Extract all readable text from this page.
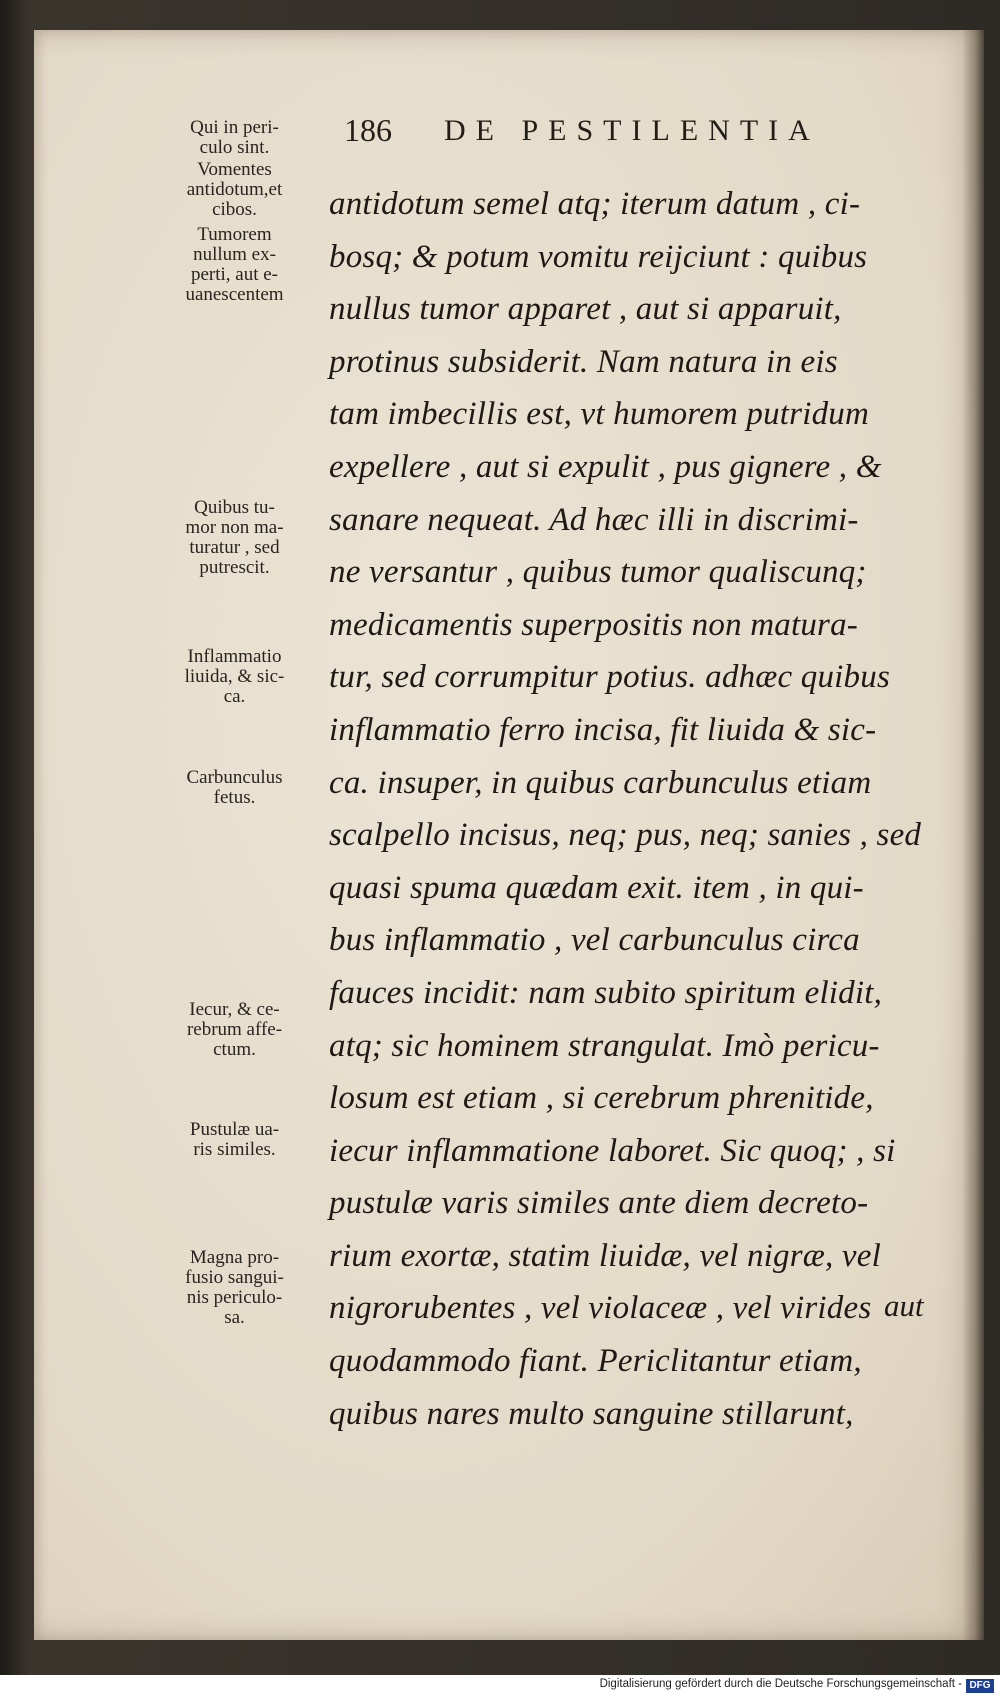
186 DE PESTILENTIA
Qui in peri-
culo sint.
Vomentes
antidotum,et
cibos.
Tumorem
nullum ex-
perti, aut e-
uanescentem
Quibus tu-
mor non ma-
turatur , sed
putrescit.
Inflammatio
liuida, & sic-
ca.
Carbunculus
fetus.
Iecur, & ce-
rebrum affe-
ctum.
Pustulæ ua-
ris similes.
Magna pro-
fusio sangui-
nis periculo-
sa.
antidotum semel atq; iterum datum , ci-
bosq; & potum vomitu reijciunt : quibus
nullus tumor apparet , aut si apparuit,
protinus subsiderit. Nam natura in eis
tam imbecillis est, vt humorem putridum
expellere , aut si expulit , pus gignere , &
sanare nequeat. Ad hæc illi in discrimi-
ne versantur , quibus tumor qualiscunq;
medicamentis superpositis non matura-
tur, sed corrumpitur potius. adhæc quibus
inflammatio ferro incisa, fit liuida & sic-
ca. insuper, in quibus carbunculus etiam
scalpello incisus, neq; pus, neq; sanies , sed
quasi spuma quædam exit. item , in qui-
bus inflammatio , vel carbunculus circa
fauces incidit: nam subito spiritum elidit,
atq; sic hominem strangulat. Imò pericu-
losum est etiam , si cerebrum phrenitide,
iecur inflammatione laboret. Sic quoq; , si
pustulæ varis similes ante diem decreto-
rium exortæ, statim liuidæ, vel nigræ, vel
nigrorubentes , vel violaceæ , vel virides
quodammodo fiant. Periclitantur etiam,
quibus nares multo sanguine stillarunt,
aut
Digitalisierung gefördert durch die Deutsche Forschungsgemeinschaft - DFG
